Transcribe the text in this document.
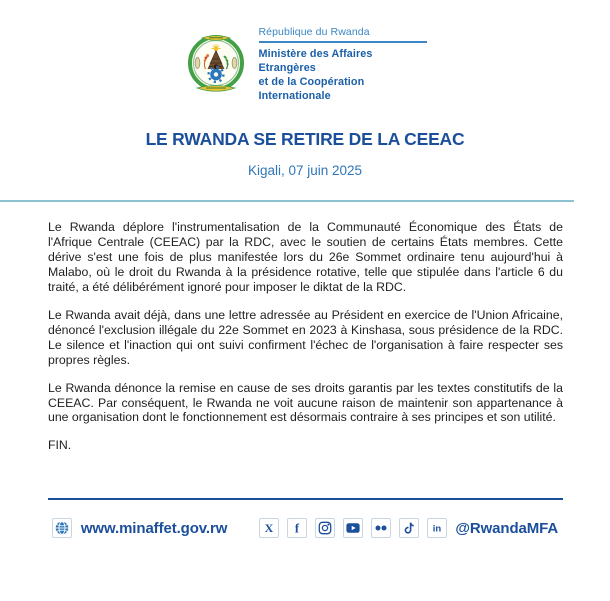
République du Rwanda
Ministère des Affaires Etrangères
et de la Coopération Internationale
LE RWANDA SE RETIRE DE LA CEEAC
Kigali, 07 juin 2025

Le Rwanda déplore l'instrumentalisation de la Communauté Économique des États de l'Afrique Centrale (CEEAC) par la RDC, avec le soutien de certains États membres. Cette dérive s'est une fois de plus manifestée lors du 26e Sommet ordinaire tenu aujourd'hui à Malabo, où le droit du Rwanda à la présidence rotative, telle que stipulée dans l'article 6 du traité, a été délibérément ignoré pour imposer le diktat de la RDC.

Le Rwanda avait déjà, dans une lettre adressée au Président en exercice de l'Union Africaine, dénoncé l'exclusion illégale du 22e Sommet en 2023 à Kinshasa, sous présidence de la RDC. Le silence et l'inaction qui ont suivi confirment l'échec de l'organisation à faire respecter ses propres règles.

Le Rwanda dénonce la remise en cause de ses droits garantis par les textes constitutifs de la CEEAC. Par conséquent, le Rwanda ne voit aucune raison de maintenir son appartenance à une organisation dont le fonctionnement est désormais contraire à ses principes et son utilité.

FIN.
www.minaffet.gov.rw	X f	in @RwandaMFA
